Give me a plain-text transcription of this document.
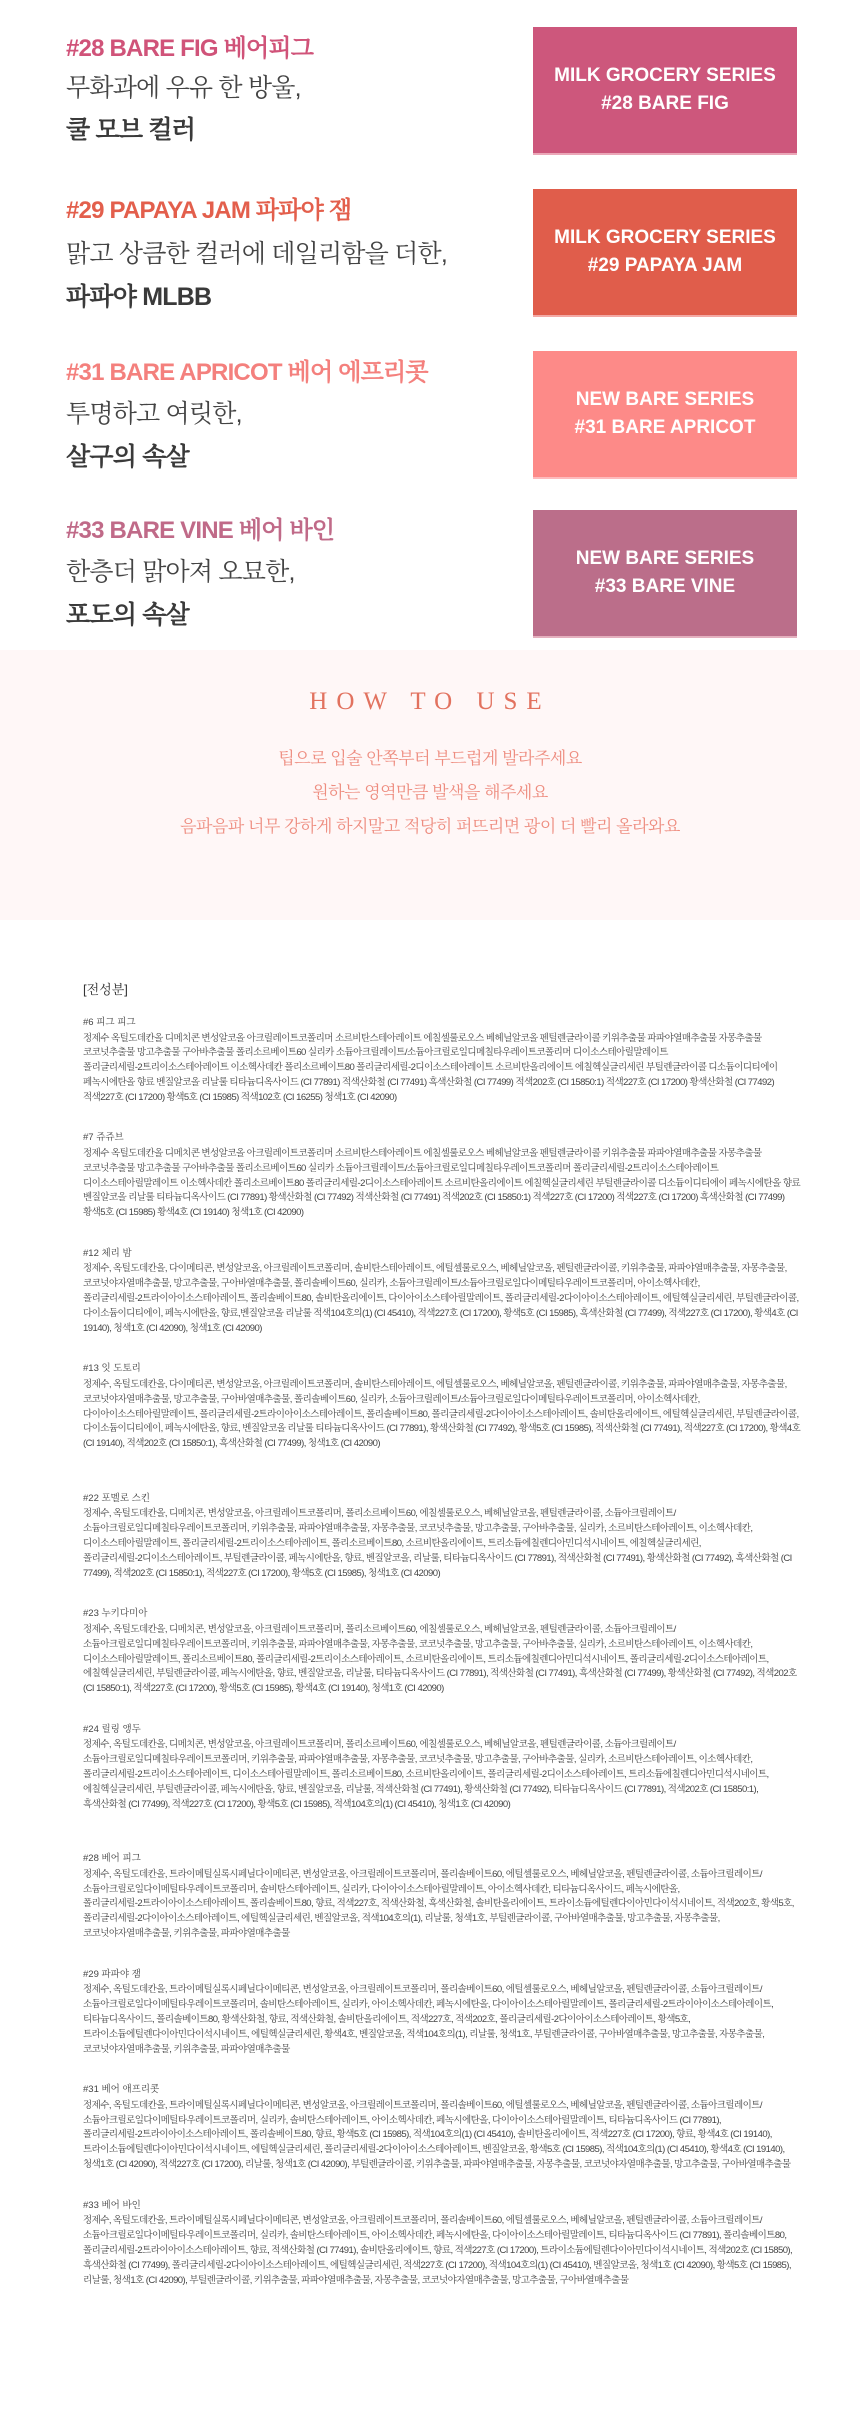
#28 BARE FIG 베어피그
무화과에 우유 한 방울,
쿨 모브 컬러
MILK GROCERY SERIES
#28 BARE FIG
#29 PAPAYA JAM 파파야 잼
맑고 상큼한 컬러에 데일리함을 더한,
파파야 MLBB
MILK GROCERY SERIES
#29 PAPAYA JAM
#31 BARE APRICOT 베어 에프리콧
투명하고 여릿한,
살구의 속살
NEW BARE SERIES
#31 BARE APRICOT
#33 BARE VINE 베어 바인
한층더 맑아져 오묘한,
포도의 속살
NEW BARE SERIES
#33 BARE VINE
HOW TO USE
팁으로 입술 안쪽부터 부드럽게 발라주세요
원하는 영역만큼 발색을 해주세요
음파음파 너무 강하게 하지말고 적당히 퍼뜨리면 광이 더 빨리 올라와요
[전성분]
#6 피그 피그
정제수 옥틸도데칸올 디메치콘 변성알코올 아크릴레이트코폴리머 소르비탄스테아레이트 에칠셀룰로오스 베헤닐알코올 펜틸렌글라이콜 키위추출물 파파야열매추출물 자몽추출물 코코넛추출물 망고추출물 구아바추출물 폴리소르베이트60 실리카 소듐아크릴레이트/소듐아크릴로일디메칠타우레이트코폴리머 디이소스테아릴말레이트 폴리글리세릴-2트리이소스테아레이트 이소헥사데칸 폴리소르베이트80 폴리글리세릴-2디이소스테아레이트 소르비탄올리에이트 에칠헥실글리세린 부틸렌글라이콜 디소듐이디티에이 페녹시에탄올 향료 벤질알코올 리날룰 티타늄디옥사이드 (CI 77891) 적색산화철 (CI 77491) 흑색산화철 (CI 77499) 적색202호 (CI 15850:1) 적색227호 (CI 17200) 황색산화철 (CI 77492) 적색227호 (CI 17200) 황색5호 (CI 15985) 적색102호 (CI 16255) 청색1호 (CI 42090)
#7 쥬쥬브
정제수 옥틸도데칸올 디메치콘 변성알코올 아크릴레이트코폴리머 소르비탄스테아레이트 에칠셀룰로오스 베헤닐알코올 펜틸렌글라이콜 키위추출물 파파야열매추출물 자몽추출물 코코넛추출물 망고추출물 구아바추출물 폴리소르베이트60 실리카 소듐아크릴레이트/소듐아크릴로일디메칠타우레이트코폴리머 폴리글리세릴-2트리이소스테아레이트 디이소스테아릴말레이트 이소헥사데칸 폴리소르베이트80 폴리글리세릴-2디이소스테아레이트 소르비탄올리에이트 에칠헥실글리세린 부틸렌글라이콜 디소듐이디티에이 페녹시에탄올 향료 벤질알코올 리날룰 티타늄디옥사이드 (CI 77891) 황색산화철 (CI 77492) 적색산화철 (CI 77491) 적색202호 (CI 15850:1) 적색227호 (CI 17200) 적색227호 (CI 17200) 흑색산화철 (CI 77499) 황색5호 (CI 15985) 황색4호 (CI 19140) 청색1호 (CI 42090)
#12 체리 밤
정제수, 옥틸도데칸올, 다이메티콘, 변성알코올, 아크릴레이트코폴리머, 솔비탄스테아레이트, 에틸셀룰로오스, 베헤닐알코올, 펜틸렌글라이콜, 키위추출물, 파파야열매추출물, 자몽추출물, 코코넛야자열매추출물, 망고추출물, 구아바열매추출물, 폴리솔베이트60, 실리카, 소듐아크릴레이트/소듐아크릴로일다이메틸타우레이트코폴리머, 아이소헥사데칸, 폴리글리세릴-2트라이아이소스테아레이트, 폴리솔베이트80, 솔비탄올리에이트, 다이아이소스테아릴말레이트, 폴리글리세릴-2다이아이소스테아레이트, 에틸헥실글리세린, 부틸렌글라이콜, 다이소듐이디티에이, 페녹시에탄올, 향료,벤질알코올 리날룰 적색104호의(1) (CI 45410), 적색227호 (CI 17200), 황색5호 (CI 15985), 흑색산화철 (CI 77499), 적색227호 (CI 17200), 황색4호 (CI 19140), 청색1호 (CI 42090), 청색1호 (CI 42090)
#13 잇 도토리
정제수, 옥틸도데칸올, 다이메티콘, 변성알코올, 아크릴레이트코폴리머, 솔비탄스테아레이트, 에틸셀룰로오스, 베헤닐알코올, 펜틸렌글라이콜, 키위추출물, 파파야열매추출물, 자몽추출물, 코코넛야자열매추출물, 망고추출물, 구아바열매추출물, 폴리솔베이트60, 실리카, 소듐아크릴레이트/소듐아크릴로일다이메틸타우레이트코폴리머, 아이소헥사데칸, 다이아이소스테아릴말레이트, 폴리글리세릴-2트라이아이소스테아레이트, 폴리솔베이트80, 폴리글리세릴-2다이아이소스테아레이트, 솔비탄올리에이트, 에틸헥실글리세린, 부틸렌글라이콜, 다이소듐이디티에이, 페녹시에탄올, 향료, 벤질알코올 리날룰 티타늄디옥사이드 (CI 77891), 황색산화철 (CI 77492), 황색5호 (CI 15985), 적색산화철 (CI 77491), 적색227호 (CI 17200), 황색4호 (CI 19140), 적색202호 (CI 15850:1), 흑색산화철 (CI 77499), 청색1호 (CI 42090)
#22 포멜로 스킨
정제수, 옥틸도데칸올, 디메치콘, 변성알코올, 아크릴레이트코폴리머, 폴리소르베이트60, 에칠셀룰로오스, 베헤닐알코올, 펜틸렌글라이콜, 소듐아크릴레이트/소듐아크릴로일디메칠타우레이트코폴리머, 키위추출물, 파파야열매추출물, 자몽추출물, 코코넛추출물, 망고추출물, 구아바추출물, 실리카, 소르비탄스테아레이트, 이소헥사데칸, 디이소스테아릴말레이트, 폴리글리세릴-2트리이소스테아레이트, 폴리소르베이트80, 소르비탄올리에이트, 트리소듐에칠렌디아민디석시네이트, 에칠헥실글리세린, 폴리글리세릴-2디이소스테아레이트, 부틸렌글라이콜, 페녹시에탄올, 향료, 벤질알코올, 리날룰, 티타늄디옥사이드 (CI 77891), 적색산화철 (CI 77491), 황색산화철 (CI 77492), 흑색산화철 (CI 77499), 적색202호 (CI 15850:1), 적색227호 (CI 17200), 황색5호 (CI 15985), 청색1호 (CI 42090)
#23 누키다미아
정제수, 옥틸도데칸올, 디메치콘, 변성알코올, 아크릴레이트코폴리머, 폴리소르베이트60, 에칠셀룰로오스, 베헤닐알코올, 펜틸렌글라이콜, 소듐아크릴레이트/소듐아크릴로일디메칠타우레이트코폴리머, 키위추출물, 파파야열매추출물, 자몽추출물, 코코넛추출물, 망고추출물, 구아바추출물, 실리카, 소르비탄스테아레이트, 이소헥사데칸, 디이소스테아릴말레이트, 폴리소르베이트80, 폴리글리세릴-2트리이소스테아레이트, 소르비탄올리에이트, 트리소듐에칠렌디아민디석시네이트, 폴리글리세릴-2디이소스테아레이트, 에칠헥실글리세린, 부틸렌글라이콜, 페녹시에탄올, 향료, 벤질알코올, 리날룰, 티타늄디옥사이드 (CI 77891), 적색산화철 (CI 77491), 흑색산화철 (CI 77499), 황색산화철 (CI 77492), 적색202호 (CI 15850:1), 적색227호 (CI 17200), 황색5호 (CI 15985), 황색4호 (CI 19140), 청색1호 (CI 42090)
#24 릴링 앵두
정제수, 옥틸도데칸올, 디메치콘, 변성알코올, 아크릴레이트코폴리머, 폴리소르베이트60, 에칠셀룰로오스, 베헤닐알코올, 펜틸렌글라이콜, 소듐아크릴레이트/소듐아크릴로일디메칠타우레이트코폴리머, 키위추출물, 파파야열매추출물, 자몽추출물, 코코넛추출물, 망고추출물, 구아바추출물, 실리카, 소르비탄스테아레이트, 이소헥사데칸, 폴리글리세릴-2트리이소스테아레이트, 디이소스테아릴말레이트, 폴리소르베이트80, 소르비탄올리에이트, 폴리글리세릴-2디이소스테아레이트, 트리소듐에칠렌디아민디석시네이트, 에칠헥실글리세린, 부틸렌글라이콜, 페녹시에탄올, 향료, 벤질알코올, 리날룰, 적색산화철 (CI 77491), 황색산화철 (CI 77492), 티타늄디옥사이드 (CI 77891), 적색202호 (CI 15850:1), 흑색산화철 (CI 77499), 적색227호 (CI 17200), 황색5호 (CI 15985), 적색104호의(1) (CI 45410), 청색1호 (CI 42090)
#28 베어 피그
정제수, 옥틸도데칸올, 트라이메틸실록시페닐다이메티콘, 변성알코올, 아크릴레이트코폴리머, 폴리솔베이트60, 에틸셀룰로오스, 베헤닐알코올, 펜틸렌글라이콜, 소듐아크릴레이트/소듐아크릴로일다이메틸타우레이트코폴리머, 솔비탄스테아레이트, 실리카, 다이아이소스테아릴말레이트, 아이소헥사데칸, 티타늄디옥사이드, 페녹시에탄올, 폴리글리세릴-2트라이아이소스테아레이트, 폴리솔베이트80, 향료, 적색227호, 적색산화철, 흑색산화철, 솔비탄올리에이트, 트라이소듐에틸렌다이아민다이석시네이트, 적색202호, 황색5호, 폴리글리세릴-2다이아이소스테아레이트, 에틸헥실글리세린, 벤질알코올, 적색104호의(1), 리날룰, 청색1호, 부틸렌글라이콜, 구아바열매추출물, 망고추출물, 자몽추출물, 코코넛야자열매추출물, 키위추출물, 파파야열매추출물
#29 파파야 잼
정제수, 옥틸도데칸올, 트라이메틸실록시페닐다이메티콘, 변성알코올, 아크릴레이트코폴리머, 폴리솔베이트60, 에틸셀룰로오스, 베헤닐알코올, 펜틸렌글라이콜, 소듐아크릴레이트/소듐아크릴로일다이메틸타우레이트코폴리머, 솔비탄스테아레이트, 실리카, 아이소헥사데칸, 페녹시에탄올, 다이아이소스테아릴말레이트, 폴리글리세릴-2트라이아이소스테아레이트, 티타늄디옥사이드, 폴리솔베이트80, 황색산화철, 향료, 적색산화철, 솔비탄올리에이트, 적색227호, 적색202호, 폴리글리세릴-2다이아이소스테아레이트, 황색5호, 트라이소듐에틸렌다이아민다이석시네이트, 에틸헥실글리세린, 황색4호, 벤질알코올, 적색104호의(1), 리날룰, 청색1호, 부틸렌글라이콜, 구아바열매추출물, 망고추출물, 자몽추출물, 코코넛야자열매추출물, 키위추출물, 파파야열매추출물
#31 베어 애프리콧
정제수, 옥틸도데칸올, 트라이메틸실록시페닐다이메티콘, 변성알코올, 아크릴레이트코폴리머, 폴리솔베이트60, 에틸셀룰로오스, 베헤닐알코올, 펜틸렌글라이콜, 소듐아크릴레이트/소듐아크릴로일다이메틸타우레이트코폴리머, 실리카, 솔비탄스테아레이트, 아이소헥사데칸, 페녹시에탄올, 다이아이소스테아릴말레이트, 티타늄디옥사이드 (CI 77891), 폴리글리세릴-2트라이아이소스테아레이트, 폴리솔베이트80, 향료, 황색5호 (CI 15985), 적색104호의(1) (CI 45410), 솔비탄올리에이트, 적색227호 (CI 17200), 향료, 황색4호 (CI 19140), 트라이소듐에틸렌다이아민다이석시네이트, 에틸헥실글리세린, 폴리글리세릴-2다이아이소스테아레이트, 벤질알코올, 황색5호 (CI 15985), 적색104호의(1) (CI 45410), 황색4호 (CI 19140), 청색1호 (CI 42090), 적색227호 (CI 17200), 리날룰, 청색1호 (CI 42090), 부틸렌글라이콜, 키위추출물, 파파야열매추출물, 자몽추출물, 코코넛야자열매추출물, 망고추출물, 구아바열매추출물
#33 베어 바인
정제수, 옥틸도데칸올, 트라이메틸실록시페닐다이메티콘, 변성알코올, 아크릴레이트코폴리머, 폴리솔베이트60, 에틸셀룰로오스, 베헤닐알코올, 펜틸렌글라이콜, 소듐아크릴레이트/소듐아크릴로일다이메틸타우레이트코폴리머, 실리카, 솔비탄스테아레이트, 아이소헥사데칸, 페녹시에탄올, 다이아이소스테아릴말레이트, 티타늄디옥사이드 (CI 77891), 폴리솔베이트80, 폴리글리세릴-2트라이아이소스테아레이트, 향료, 적색산화철 (CI 77491), 솔비탄올리에이트, 향료, 적색227호 (CI 17200), 트라이소듐에틸렌다이아민다이석시네이트, 적색202호 (CI 15850), 흑색산화철 (CI 77499), 폴리글리세릴-2다이아이소스테아레이트, 에틸헥실글리세린, 적색227호 (CI 17200), 적색104호의(1) (CI 45410), 벤질알코올, 청색1호 (CI 42090), 황색5호 (CI 15985), 리날룰, 청색1호 (CI 42090), 부틸렌글라이콜, 키위추출물, 파파야열매추출물, 자몽추출물, 코코넛야자열매추출물, 망고추출물, 구아바열매추출물
